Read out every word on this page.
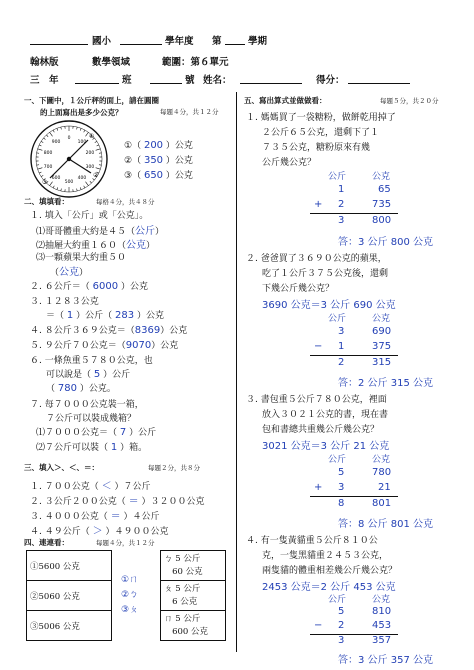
國小	學年度 第	學期
翰林版	數學領域	範圍：第６單元
三　年	班	號 姓名：	得分：
一、下圖中，１公斤秤的面上，請在圓圈
的上面寫出是多少公克？	每題４分，共１２分
①
②
③
0
100
200
300
400
500
600
700
800
900	①（ 200 ）公克
②（ 350 ）公克
③（ 650 ）公克
二、填填看：	每格４分，共４８分
１. 填入「公斤」或「公克」。
⑴哥哥體重大約是４５（公斤）
⑵抽屜大約重１６０（公克）
⑶一顆蘋果大約重５０
（公克）
２. ６公斤＝（ 6000 ）公克
３. １２８３公克
＝（ 1 ）公斤（ 283 ）公克
４. ８公斤３６９公克＝（8369）公克
５. ９公斤７０公克＝（9070）公克
６. 一條魚重５７８０公克，也
可以說是（ 5 ）公斤
（ 780 ）公克。
７. 每７０００公克裝一箱，
７公斤可以裝成幾箱？
⑴７０００公克＝（ 7 ）公斤
⑵７公斤可以裝（ 1 ）箱。
三、填入＞、＜、＝：	每題２分，共８分
１. ７００公克（ ＜ ）７公斤
２. ３公斤２００公克（ ＝ ）３２００公克
３. ４０００公克（ ＝ ）４公斤
４. ４９公斤（ ＞ ）４９００公克
四、連連看：	每題４分，共１２分
①5600 公克
②5060 公克
③5006 公克
①ㄇ
②ㄅ
③ㄆ
ㄅ 5 公斤
60 公克
ㄆ 5 公斤
6 公克
ㄇ 5 公斤
600 公克
五、寫出算式並做做看：	每題５分，共２０分
１. 媽媽買了一袋糖粉，做餅乾用掉了
２公斤６５公克，還剩下了１
７３５公克，糖粉原來有幾
公斤幾公克？
公斤	公克
1	65
+ 2	735
3	800
答：3 公斤 800 公克
２. 爸爸買了３６９０公克的蘋果，
吃了１公斤３７５公克後，還剩
下幾公斤幾公克？
3690 公克＝3 公斤 690 公克
公斤	公克
3	690
− 1	375
2	315
答：2 公斤 315 公克
３. 書包重５公斤７８０公克，裡面
放入３０２１公克的書，現在書
包和書總共重幾公斤幾公克？
3021 公克＝3 公斤 21 公克
公斤	公克
5	780
+ 3	21
8	801
答：8 公斤 801 公克
４. 有一隻黃貓重５公斤８１０公
克，一隻黑貓重２４５３公克，
兩隻貓的體重相差幾公斤幾公克？
2453 公克＝2 公斤 453 公克
公斤	公克
5	810
− 2	453
3	357
答：3 公斤 357 公克
